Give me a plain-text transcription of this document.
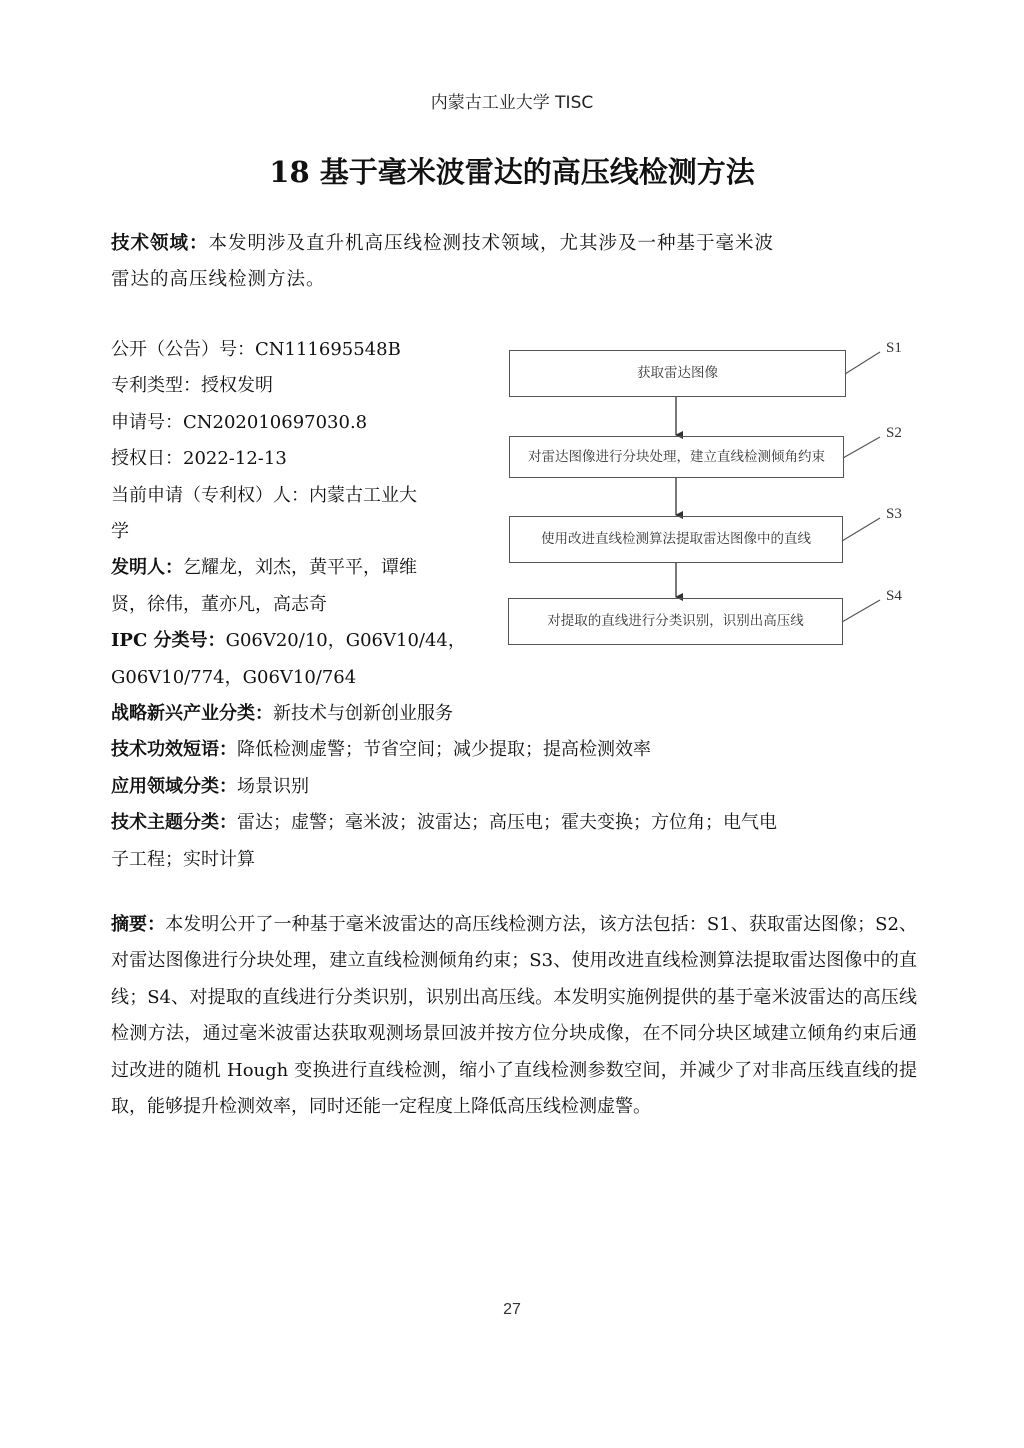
内蒙古工业大学 TISC
18 基于毫米波雷达的高压线检测方法
技术领域：本发明涉及直升机高压线检测技术领域，尤其涉及一种基于毫米波
雷达的高压线检测方法。
公开（公告）号：CN111695548B
专利类型：授权发明
申请号：CN202010697030.8
授权日：2022-12-13
当前申请（专利权）人：内蒙古工业大
学
发明人：乞耀龙，刘杰，黄平平，谭维
贤，徐伟，董亦凡，高志奇
IPC 分类号：G06V20/10，G06V10/44，
G06V10/774，G06V10/764
战略新兴产业分类：新技术与创新创业服务
技术功效短语：降低检测虚警；节省空间；减少提取；提高检测效率
应用领域分类：场景识别
技术主题分类：雷达；虚警；毫米波；波雷达；高压电；霍夫变换；方位角；电气电
子工程；实时计算
获取雷达图像
对雷达图像进行分块处理，建立直线检测倾角约束
使用改进直线检测算法提取雷达图像中的直线
对提取的直线进行分类识别，识别出高压线
S1
S2
S3
S4
摘要：本发明公开了一种基于毫米波雷达的高压线检测方法，该方法包括：S1、获取雷达图像；S2、对雷达图像进行分块处理，建立直线检测倾角约束；S3、使用改进直线检测算法提取雷达图像中的直线；S4、对提取的直线进行分类识别，识别出高压线。本发明实施例提供的基于毫米波雷达的高压线检测方法，通过毫米波雷达获取观测场景回波并按方位分块成像，在不同分块区域建立倾角约束后通过改进的随机 Hough 变换进行直线检测，缩小了直线检测参数空间，并减少了对非高压线直线的提取，能够提升检测效率，同时还能一定程度上降低高压线检测虚警。
27
